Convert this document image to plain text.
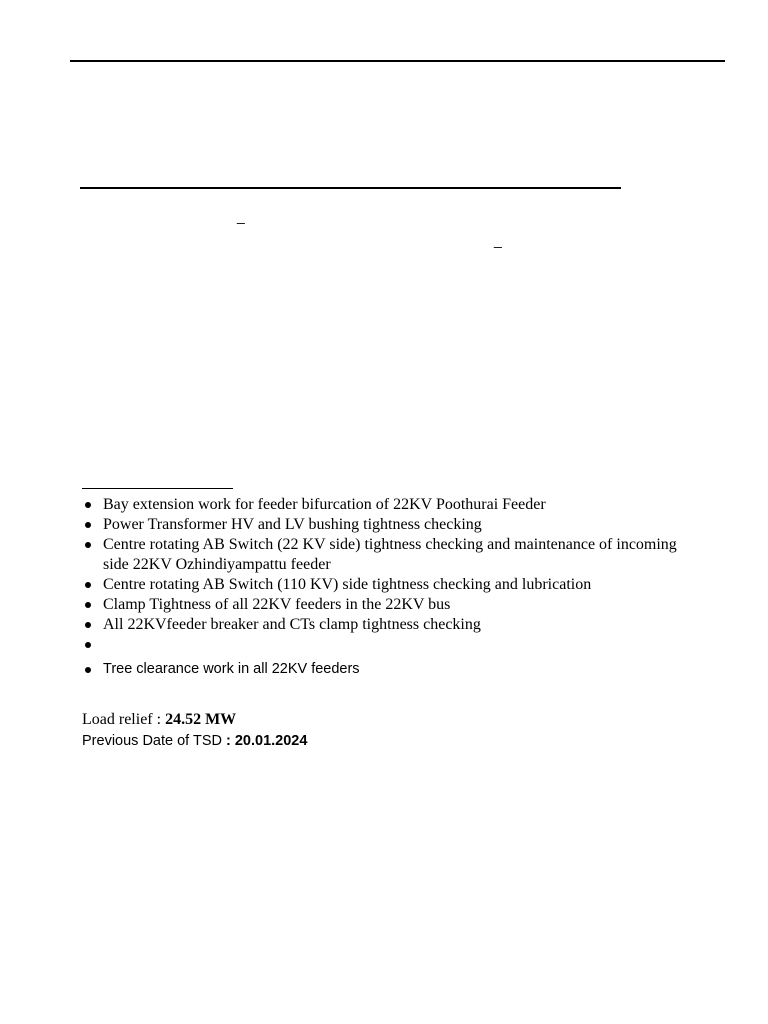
_
_
Bay extension work for feeder bifurcation of 22KV Poothurai Feeder
Power Transformer HV and LV bushing tightness checking
Centre rotating AB Switch (22 KV side) tightness checking and maintenance of incoming side 22KV Ozhindiyampattu feeder
Centre rotating AB Switch (110 KV) side tightness checking and lubrication
Clamp Tightness of all 22KV feeders in the 22KV bus
All 22KVfeeder breaker and CTs clamp tightness checking
Tree clearance work in all 22KV feeders
Load relief : 24.52 MW
Previous Date of TSD : 20.01.2024
